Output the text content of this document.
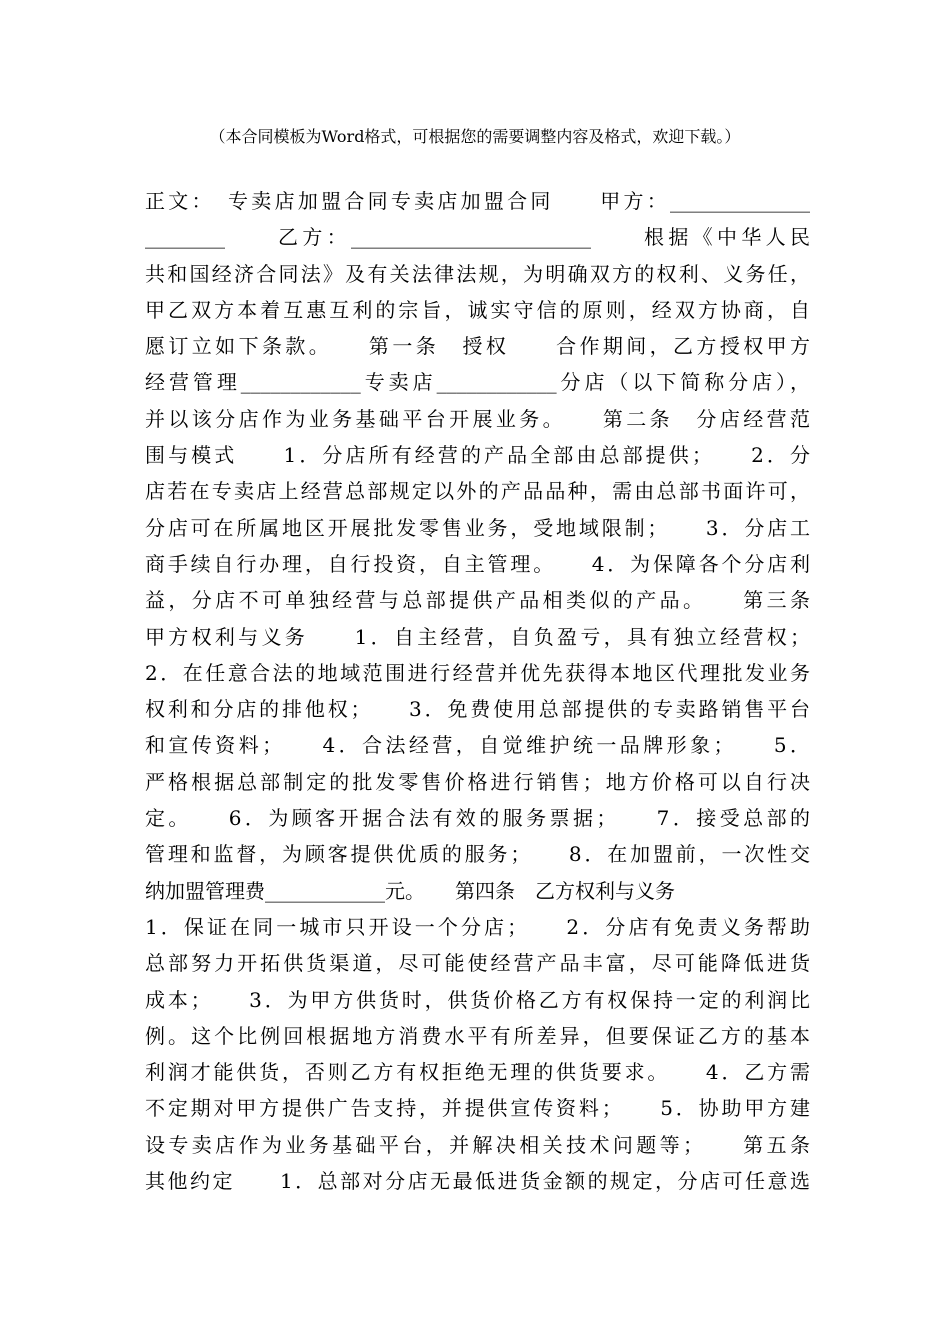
（本合同模板为Word格式，可根据您的需要调整内容及格式，欢迎下载。）
正文：　专卖店加盟合同专卖店加盟合同　　甲方：______________
________　　乙方：________________________　　根据《中华人民
共和国经济合同法》及有关法律法规，为明确双方的权利、义务任，
甲乙双方本着互惠互利的宗旨，诚实守信的原则，经双方协商，自
愿订立如下条款。　　第一条　授权　　合作期间，乙方授权甲方
经营管理____________专卖店____________分店（以下简称分店），
并以该分店作为业务基础平台开展业务。　　第二条　分店经营范
围与模式　　1．分店所有经营的产品全部由总部提供；　　2．分
店若在专卖店上经营总部规定以外的产品品种，需由总部书面许可，
分店可在所属地区开展批发零售业务，受地域限制；　　3．分店工
商手续自行办理，自行投资，自主管理。　　4．为保障各个分店利
益，分店不可单独经营与总部提供产品相类似的产品。　　第三条
甲方权利与义务　　1．自主经营，自负盈亏，具有独立经营权；
2．在任意合法的地域范围进行经营并优先获得本地区代理批发业务
权利和分店的排他权；　　3．免费使用总部提供的专卖路销售平台
和宣传资料；　　4．合法经营，自觉维护统一品牌形象；　　5．
严格根据总部制定的批发零售价格进行销售；地方价格可以自行决
定。　　6．为顾客开据合法有效的服务票据；　　7．接受总部的
管理和监督，为顾客提供优质的服务；　　8．在加盟前，一次性交
纳加盟管理费____________元。　　第四条　乙方权利与义务
1．保证在同一城市只开设一个分店；　　2．分店有免责义务帮助
总部努力开拓供货渠道，尽可能使经营产品丰富，尽可能降低进货
成本；　　3．为甲方供货时，供货价格乙方有权保持一定的利润比
例。这个比例回根据地方消费水平有所差异，但要保证乙方的基本
利润才能供货，否则乙方有权拒绝无理的供货要求。　　4．乙方需
不定期对甲方提供广告支持，并提供宣传资料；　　5．协助甲方建
设专卖店作为业务基础平台，并解决相关技术问题等；　　第五条
其他约定　　1．总部对分店无最低进货金额的规定，分店可任意选
